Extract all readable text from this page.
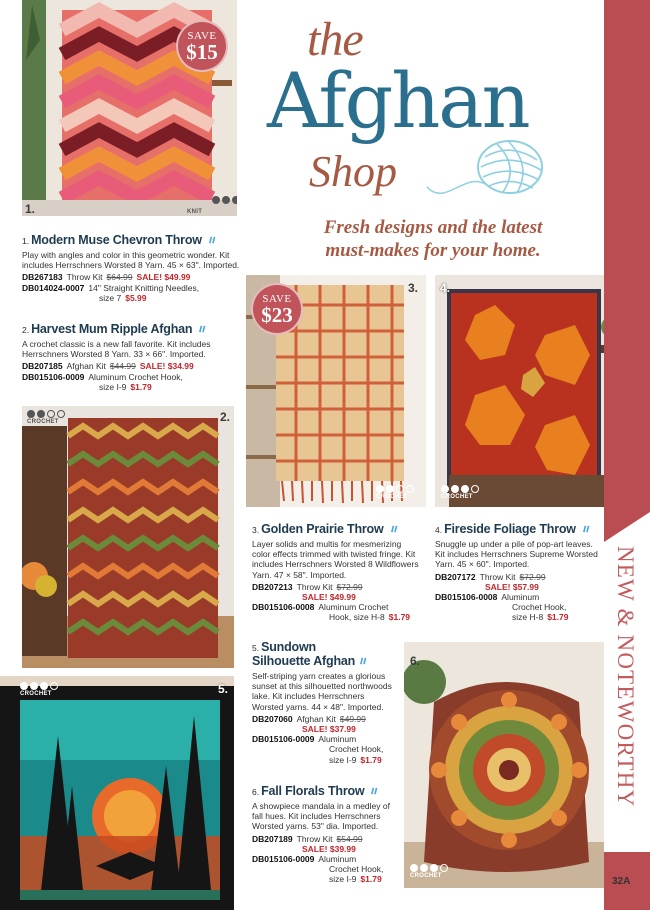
1.	KNIT
SAVE
$15 the
Afghan
Shop
Fresh designs and the latest
must-makes for your home.
1. Modern Muse Chevron Throw
Play with angles and color in this geometric wonder. Kit includes Herrschners Worsted 8 Yarn. 45 × 63". Imported.
DB267183 Throw Kit $64.99 SALE! $49.99
DB014024-0007 14" Straight Knitting Needles,
size 7 $5.99
2. Harvest Mum Ripple Afghan
A crochet classic is a new fall favorite. Kit includes Herrschners Worsted 8 Yarn. 33 × 66". Imported.
DB207185 Afghan Kit $44.99 SALE! $34.99
DB015106-0009 Aluminum Crochet Hook,
size I-9 $1.79
CROCHET	2.
3.
CROCHET
SAVE
$23
4.
CROCHET
3. Golden Prairie Throw
Layer solids and multis for mesmerizing color effects trimmed with twisted fringe. Kit includes Herrschners Worsted 8 Wildflowers Yarn. 47 × 58". Imported.
DB207213 Throw Kit $72.99
SALE! $49.99
DB015106-0008 Aluminum Crochet
Hook, size H-8 $1.79
4. Fireside Foliage Throw
Snuggle up under a pile of pop-art leaves. Kit includes Herrschners Supreme Worsted Yarn. 45 × 60". Imported.
DB207172 Throw Kit $72.99
SALE! $57.99
DB015106-0008 Aluminum
Crochet Hook,
size H-8 $1.79
CROCHET	5.
5. Sundown
Silhouette Afghan
Self-striping yarn creates a glorious sunset at this silhouetted northwoods lake. Kit includes Herrschners Worsted yarns. 44 × 48". Imported.
DB207060 Afghan Kit $49.99
SALE! $37.99
DB015106-0009 Aluminum
Crochet Hook,
size I-9 $1.79
6. Fall Florals Throw
A showpiece mandala in a medley of fall hues. Kit includes Herrschners Worsted yarns. 53" dia. Imported.
DB207189 Throw Kit $54.99
SALE! $39.99
DB015106-0009 Aluminum
Crochet Hook,
size I-9 $1.79
6.
CROCHET
NEW & NOTEWORTHY
32A
